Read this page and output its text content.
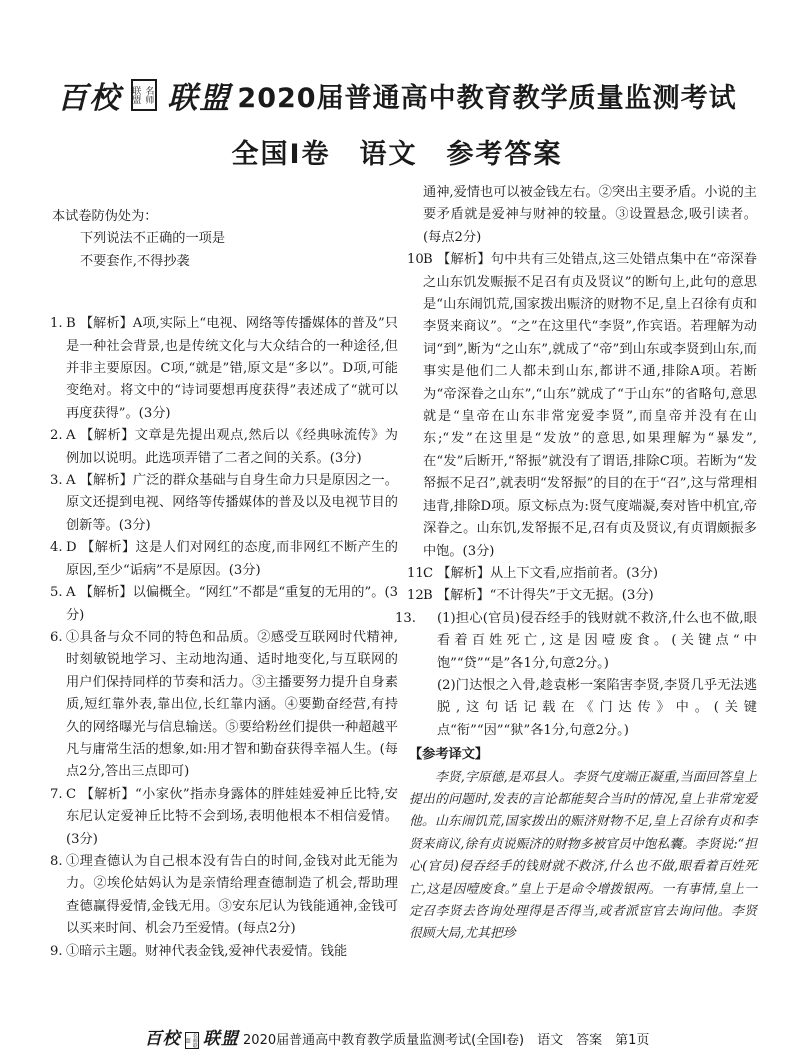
百校	名师联盟 联盟 2020届普通高中教育教学质量监测考试
全国Ⅰ卷　语文　参考答案
本试卷防伪处为：
下列说法不正确的一项是
不要套作,不得抄袭
1. B 【解析】A项,实际上“电视、网络等传播媒体的普及”只是一种社会背景,也是传统文化与大众结合的一种途径,但并非主要原因。C项,“就是”错,原文是“多以”。D项,可能变绝对。将文中的“诗词要想再度获得”表述成了“就可以再度获得”。(3分)
2. A 【解析】文章是先提出观点,然后以《经典咏流传》为例加以说明。此选项弄错了二者之间的关系。(3分)
3. A 【解析】广泛的群众基础与自身生命力只是原因之一。原文还提到电视、网络等传播媒体的普及以及电视节目的创新等。(3分)
4. D 【解析】这是人们对网红的态度,而非网红不断产生的原因,至少“诟病”不是原因。(3分)
5. A 【解析】以偏概全。“网红”不都是“重复的无用的”。(3分)
6. ①具备与众不同的特色和品质。②感受互联网时代精神,时刻敏锐地学习、主动地沟通、适时地变化,与互联网的用户们保持同样的节奏和活力。③主播要努力提升自身素质,短红靠外表,靠出位,长红靠内涵。④要勤奋经营,有持久的网络曝光与信息输送。⑤要给粉丝们提供一种超越平凡与庸常生活的想象,如:用才智和勤奋获得幸福人生。(每点2分,答出三点即可)
7. C 【解析】“小家伙”指赤身露体的胖娃娃爱神丘比特,安东尼认定爱神丘比特不会到场,表明他根本不相信爱情。(3分)
8. ①理查德认为自己根本没有告白的时间,金钱对此无能为力。②埃伦姑妈认为是亲情给理查德制造了机会,帮助理查德赢得爱情,金钱无用。③安东尼认为钱能通神,金钱可以买来时间、机会乃至爱情。(每点2分)
9. ①暗示主题。财神代表金钱,爱神代表爱情。钱能
通神,爱情也可以被金钱左右。②突出主要矛盾。小说的主要矛盾就是爱神与财神的较量。③设置悬念,吸引读者。(每点2分)
10.
B 【解析】句中共有三处错点,这三处错点集中在“帝深眷之山东饥发赈振不足召有贞及贤议”的断句上,此句的意思是“山东闹饥荒,国家拨出赈济的财物不足,皇上召徐有贞和李贤来商议”。“之”在这里代“李贤”,作宾语。若理解为动词“到”,断为“之山东”,就成了“帝”到山东或李贤到山东,而事实是他们二人都未到山东,都讲不通,排除A项。若断为“帝深眷之山东”,“山东”就成了“于山东”的省略句,意思就是“皇帝在山东非常宠爱李贤”,而皇帝并没有在山东;“发”在这里是“发放”的意思,如果理解为“暴发”,在“发”后断开,“帑振”就没有了谓语,排除C项。若断为“发帑振不足召”,就表明“发帑振”的目的在于“召”,这与常理相违背,排除D项。原文标点为:贤气度端凝,奏对皆中机宜,帝深眷之。山东饥,发帑振不足,召有贞及贤议,有贞谓颇振多中饱。(3分)
11.
C 【解析】从上下文看,应指前者。(3分)
12.
B 【解析】“不计得失”于文无据。(3分)
13. (1)担心(官员)侵吞经手的钱财就不救济,什么也不做,眼看着百姓死亡,这是因噎废食。(关键点“中饱”“贷”“是”各1分,句意2分。)
(2)门达恨之入骨,趁袁彬一案陷害李贤,李贤几乎无法逃脱,这句话记载在《门达传》中。(关键点“衔”“因”“狱”各1分,句意2分。)
【参考译文】
李贤,字原德,是邓县人。李贤气度端正凝重,当面回答皇上提出的问题时,发表的言论都能契合当时的情况,皇上非常宠爱他。山东闹饥荒,国家拨出的赈济财物不足,皇上召徐有贞和李贤来商议,徐有贞说赈济的财物多被官员中饱私囊。李贤说:“担心(官员)侵吞经手的钱财就不救济,什么也不做,眼看着百姓死亡,这是因噎废食。”皇上于是命令增拨银两。一有事情,皇上一定召李贤去咨询处理得是否得当,或者派宦官去询问他。李贤很顾大局,尤其把珍
百校 名师联盟 联盟 2020届普通高中教育教学质量监测考试(全国Ⅰ卷)　语文　答案　第1页
